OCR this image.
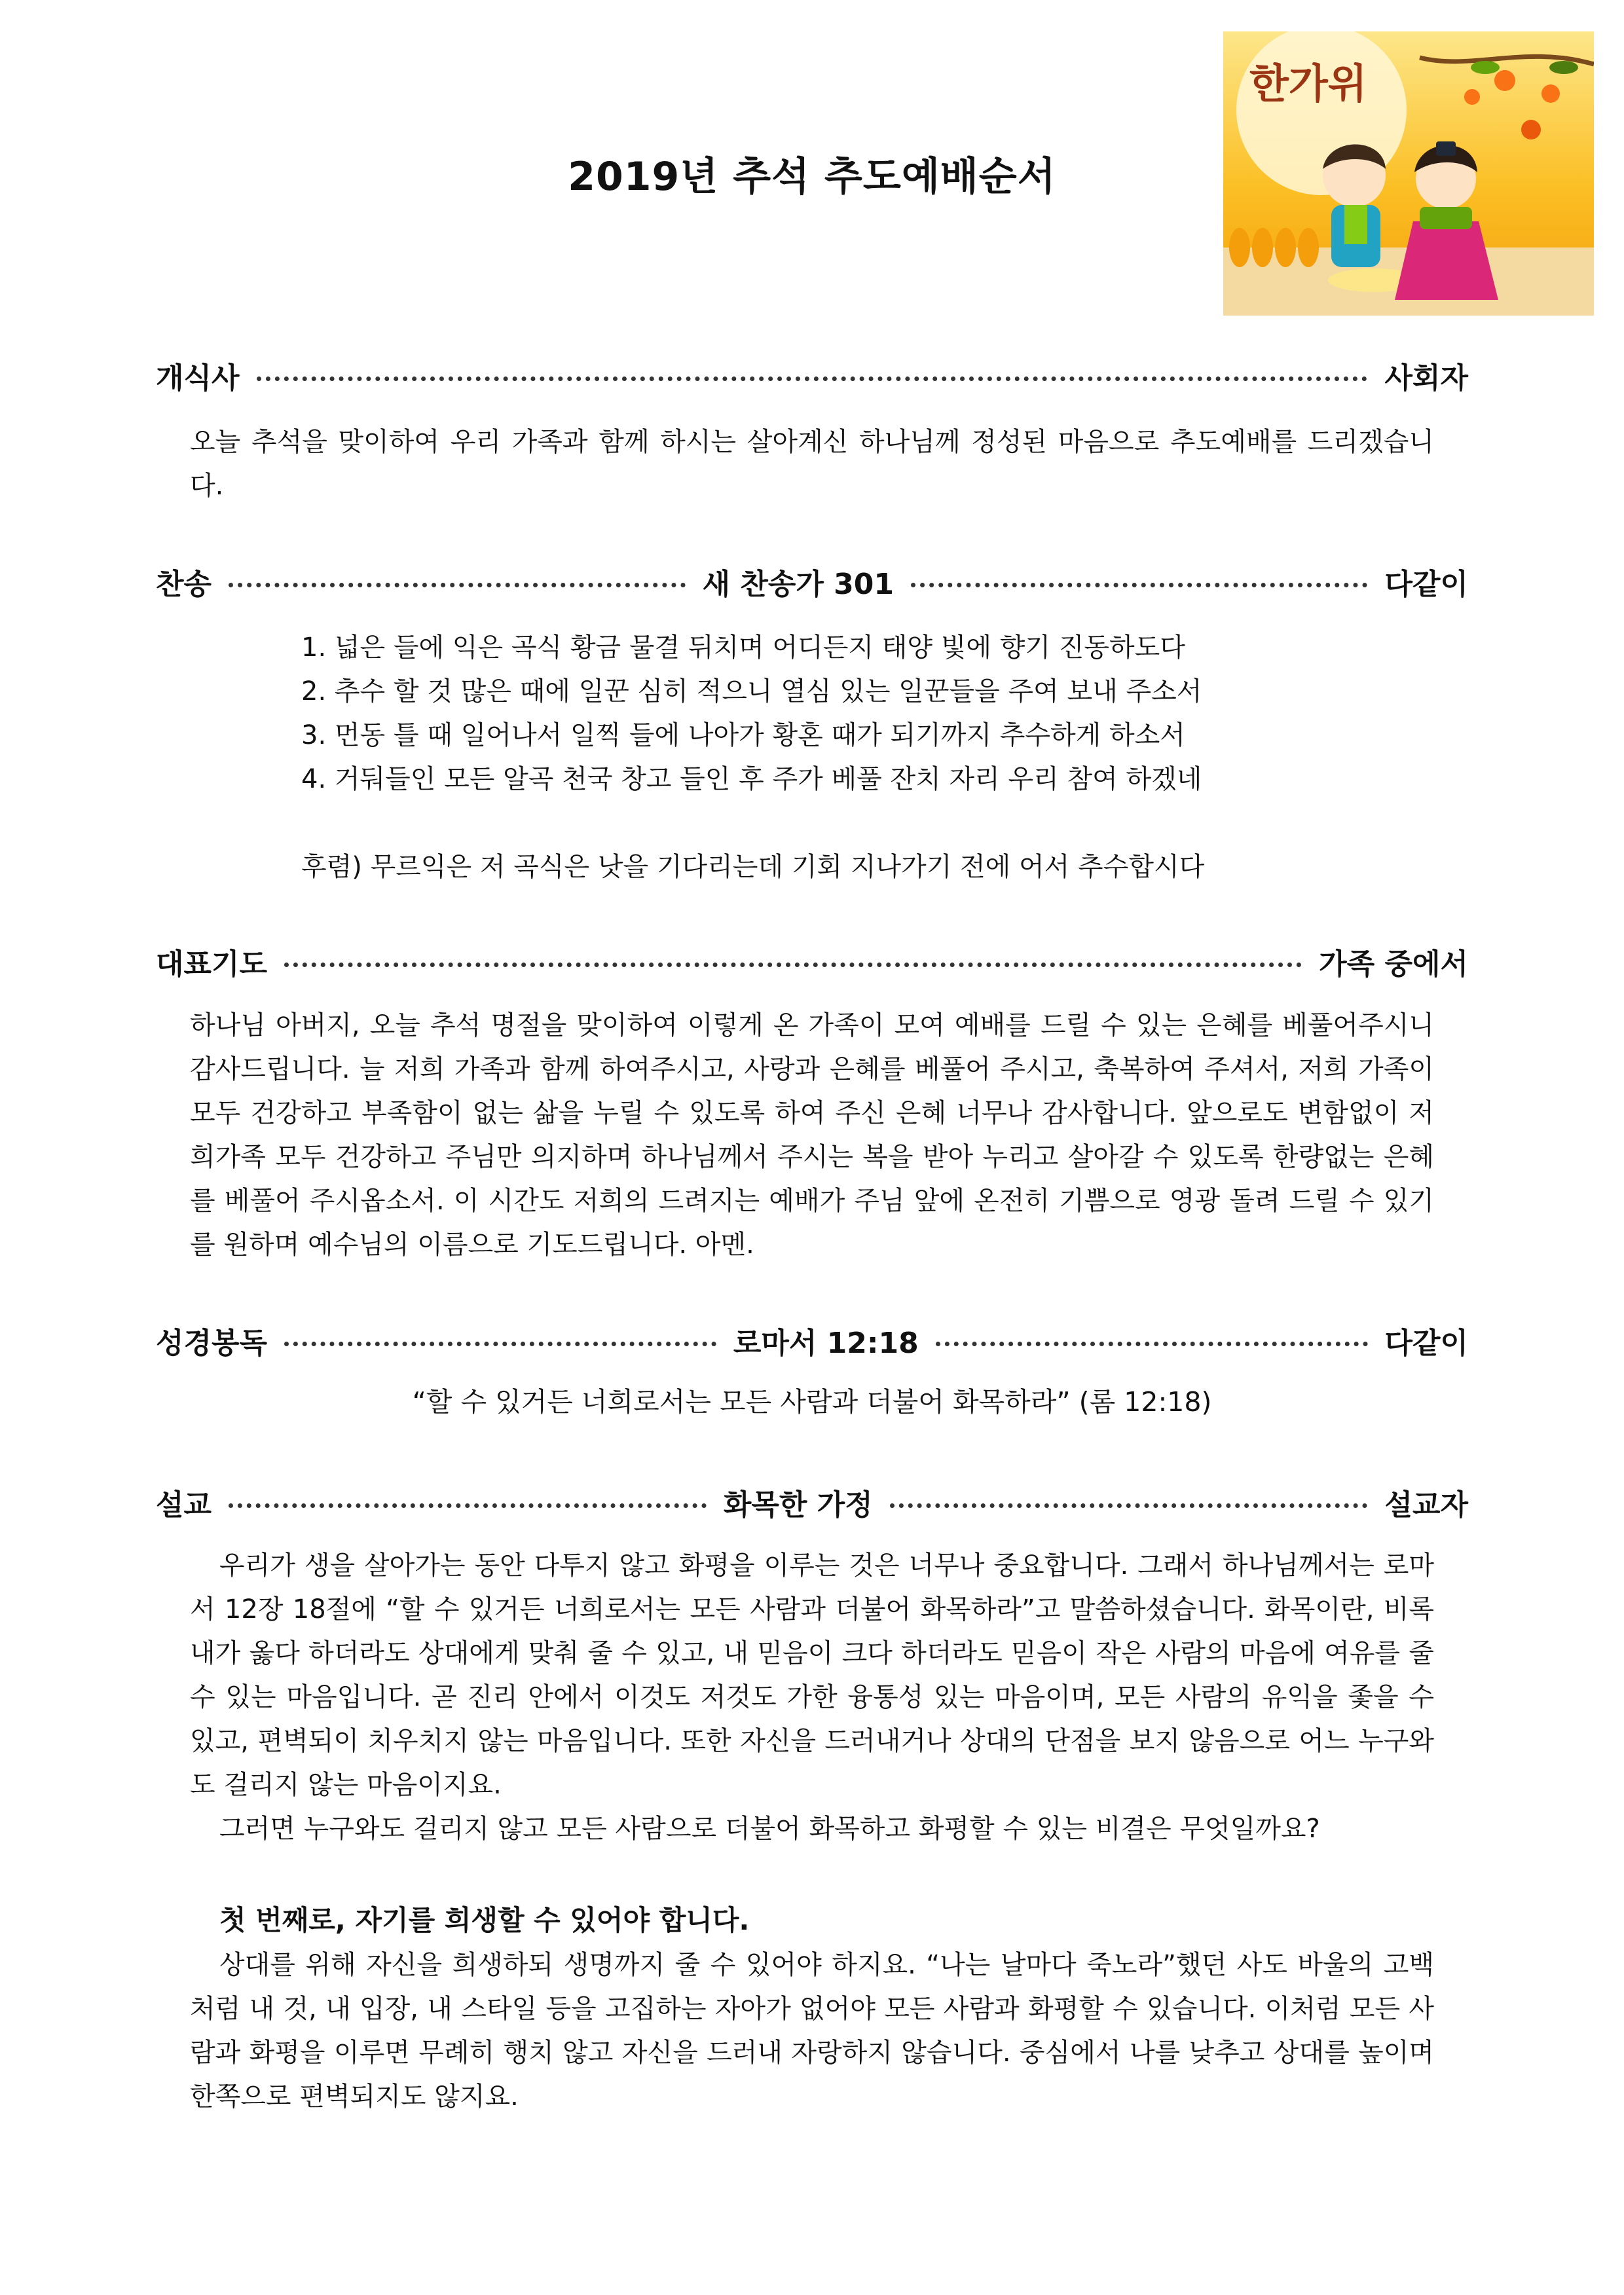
한가위
2019년 추석 추도예배순서
개식사	사회자

오늘 추석을 맞이하여 우리 가족과 함께 하시는 살아계신 하나님께 정성된 마음으로 추도예배를 드리겠습니다.

찬송	새 찬송가 301	다같이
1. 넓은 들에 익은 곡식 황금 물결 뒤치며 어디든지 태양 빛에 향기 진동하도다
2. 추수 할 것 많은 때에 일꾼 심히 적으니 열심 있는 일꾼들을 주여 보내 주소서
3. 먼동 틀 때 일어나서 일찍 들에 나아가 황혼 때가 되기까지 추수하게 하소서
4. 거둬들인 모든 알곡 천국 창고 들인 후 주가 베풀 잔치 자리 우리 참여 하겠네
후렴) 무르익은 저 곡식은 낫을 기다리는데 기회 지나가기 전에 어서 추수합시다
대표기도	가족 중에서

하나님 아버지, 오늘 추석 명절을 맞이하여 이렇게 온 가족이 모여 예배를 드릴 수 있는 은혜를 베풀어주시니 감사드립니다. 늘 저희 가족과 함께 하여주시고, 사랑과 은혜를 베풀어 주시고, 축복하여 주셔서, 저희 가족이 모두 건강하고 부족함이 없는 삶을 누릴 수 있도록 하여 주신 은혜 너무나 감사합니다. 앞으로도 변함없이 저희가족 모두 건강하고 주님만 의지하며 하나님께서 주시는 복을 받아 누리고 살아갈 수 있도록 한량없는 은혜를 베풀어 주시옵소서. 이 시간도 저희의 드려지는 예배가 주님 앞에 온전히 기쁨으로 영광 돌려 드릴 수 있기를 원하며 예수님의 이름으로 기도드립니다. 아멘.

성경봉독	로마서 12:18	다같이
“할 수 있거든 너희로서는 모든 사람과 더불어 화목하라” (롬 12:18)
설교	화목한 가정	설교자

우리가 생을 살아가는 동안 다투지 않고 화평을 이루는 것은 너무나 중요합니다. 그래서 하나님께서는 로마서 12장 18절에 “할 수 있거든 너희로서는 모든 사람과 더불어 화목하라”고 말씀하셨습니다. 화목이란, 비록 내가 옳다 하더라도 상대에게 맞춰 줄 수 있고, 내 믿음이 크다 하더라도 믿음이 작은 사람의 마음에 여유를 줄 수 있는 마음입니다. 곧 진리 안에서 이것도 저것도 가한 융통성 있는 마음이며, 모든 사람의 유익을 좇을 수 있고, 편벽되이 치우치지 않는 마음입니다. 또한 자신을 드러내거나 상대의 단점을 보지 않음으로 어느 누구와도 걸리지 않는 마음이지요.

그러면 누구와도 걸리지 않고 모든 사람으로 더불어 화목하고 화평할 수 있는 비결은 무엇일까요?

첫 번째로, 자기를 희생할 수 있어야 합니다.

상대를 위해 자신을 희생하되 생명까지 줄 수 있어야 하지요. “나는 날마다 죽노라”했던 사도 바울의 고백처럼 내 것, 내 입장, 내 스타일 등을 고집하는 자아가 없어야 모든 사람과 화평할 수 있습니다. 이처럼 모든 사람과 화평을 이루면 무례히 행치 않고 자신을 드러내 자랑하지 않습니다. 중심에서 나를 낮추고 상대를 높이며 한쪽으로 편벽되지도 않지요.
